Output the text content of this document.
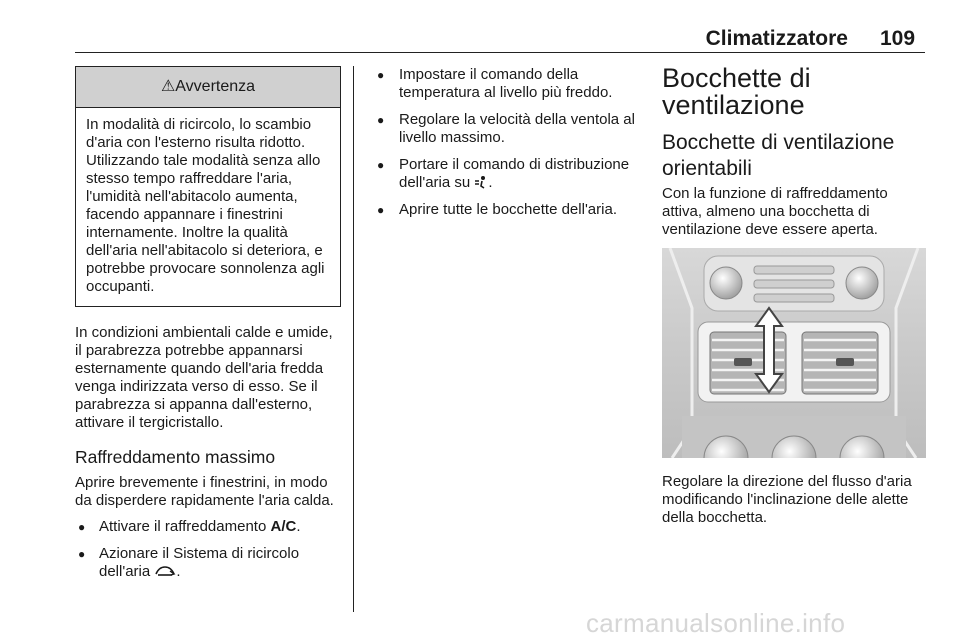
Climatizzatore 109
⚠Avvertenza
In modalità di ricircolo, lo scambio d'aria con l'esterno risulta ridotto. Utilizzando tale modalità senza allo stesso tempo raffreddare l'aria, l'umidità nell'abitacolo aumenta, facendo appannare i finestrini internamente. Inoltre la qualità dell'aria nell'abitacolo si deteriora, e potrebbe provocare sonnolenza agli occupanti.

In condizioni ambientali calde e umide, il parabrezza potrebbe appannarsi esternamente quando dell'aria fredda venga indirizzata verso di esso. Se il parabrezza si appanna dall'esterno, attivare il tergicristallo.

Raffreddamento massimo

Aprire brevemente i finestrini, in modo da disperdere rapidamente l'aria calda.

● Attivare il raffreddamento A/C.
● Azionare il Sistema di ricircolo dell'aria .
● Impostare il comando della temperatura al livello più freddo.
● Regolare la velocità della ventola al livello massimo.
● Portare il comando di distribuzione dell'aria su .
● Aprire tutte le bocchette dell'aria.
Bocchette di ventilazione
Bocchette di ventilazione orientabili

Con la funzione di raffreddamento attiva, almeno una bocchetta di ventilazione deve essere aperta.

Regolare la direzione del flusso d'aria modificando l'inclinazione delle alette della bocchetta.

carmanualsonline.info
